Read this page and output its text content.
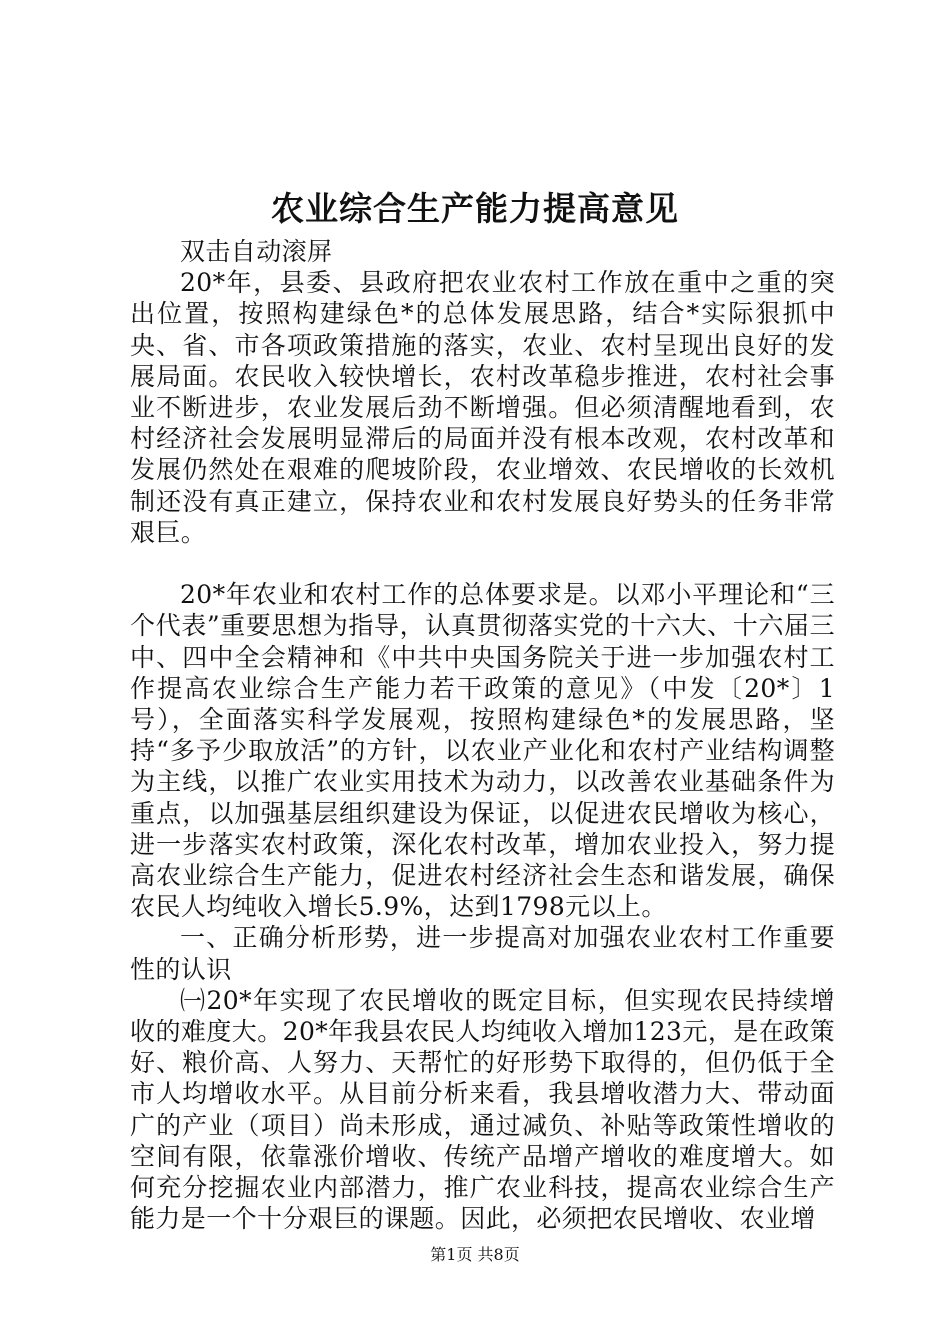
农业综合生产能力提高意见

双击自动滚屏

20*年，县委、县政府把农业农村工作放在重中之重的突出位置，按照构建绿色*的总体发展思路，结合*实际狠抓中央、省、市各项政策措施的落实，农业、农村呈现出良好的发展局面。农民收入较快增长，农村改革稳步推进，农村社会事业不断进步，农业发展后劲不断增强。但必须清醒地看到，农村经济社会发展明显滞后的局面并没有根本改观，农村改革和发展仍然处在艰难的爬坡阶段，农业增效、农民增收的长效机制还没有真正建立，保持农业和农村发展良好势头的任务非常艰巨。

20*年农业和农村工作的总体要求是。以邓小平理论和“三个代表”重要思想为指导，认真贯彻落实党的十六大、十六届三中、四中全会精神和《中共中央国务院关于进一步加强农村工作提高农业综合生产能力若干政策的意见》（中发〔20*〕1号），全面落实科学发展观，按照构建绿色*的发展思路，坚持“多予少取放活”的方针，以农业产业化和农村产业结构调整为主线，以推广农业实用技术为动力，以改善农业基础条件为重点，以加强基层组织建设为保证，以促进农民增收为核心，进一步落实农村政策，深化农村改革，增加农业投入，努力提高农业综合生产能力，促进农村经济社会生态和谐发展，确保农民人均纯收入增长5.9%，达到1798元以上。

一、正确分析形势，进一步提高对加强农业农村工作重要性的认识

㈠20*年实现了农民增收的既定目标，但实现农民持续增收的难度大。20*年我县农民人均纯收入增加123元，是在政策好、粮价高、人努力、天帮忙的好形势下取得的，但仍低于全市人均增收水平。从目前分析来看，我县增收潜力大、带动面广的产业（项目）尚未形成，通过减负、补贴等政策性增收的空间有限，依靠涨价增收、传统产品增产增收的难度增大。如何充分挖掘农业内部潜力，推广农业科技，提高农业综合生产能力是一个十分艰巨的课题。因此，必须把农民增收、农业增

第1页 共8页
